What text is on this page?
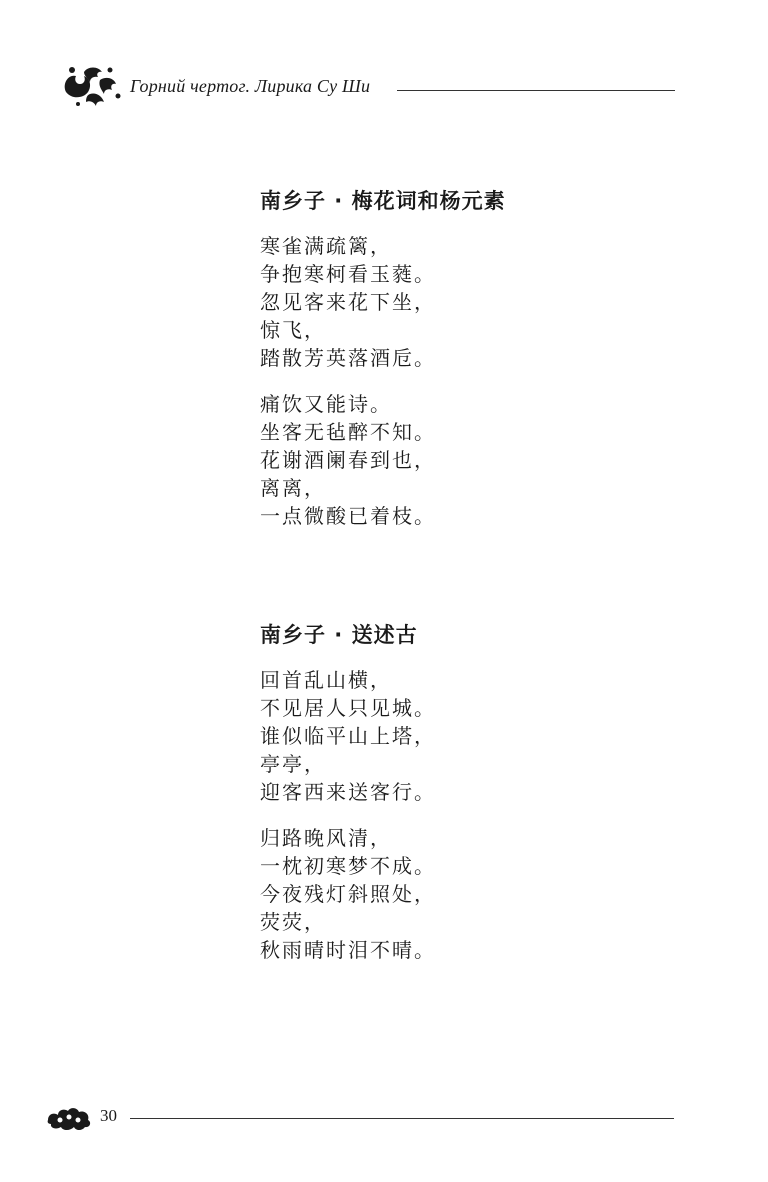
Горний чертог. Лирика Су Ши
南乡子 · 梅花词和杨元素
寒雀满疏篱，
争抱寒柯看玉蕤。
忽见客来花下坐，
惊飞，
踏散芳英落酒卮。
痛饮又能诗。
坐客无毡醉不知。
花谢酒阑春到也，
离离，
一点微酸已着枝。
南乡子 · 送述古
回首乱山横，
不见居人只见城。
谁似临平山上塔，
亭亭，
迎客西来送客行。
归路晚风清，
一枕初寒梦不成。
今夜残灯斜照处，
荧荧，
秋雨晴时泪不晴。
30
